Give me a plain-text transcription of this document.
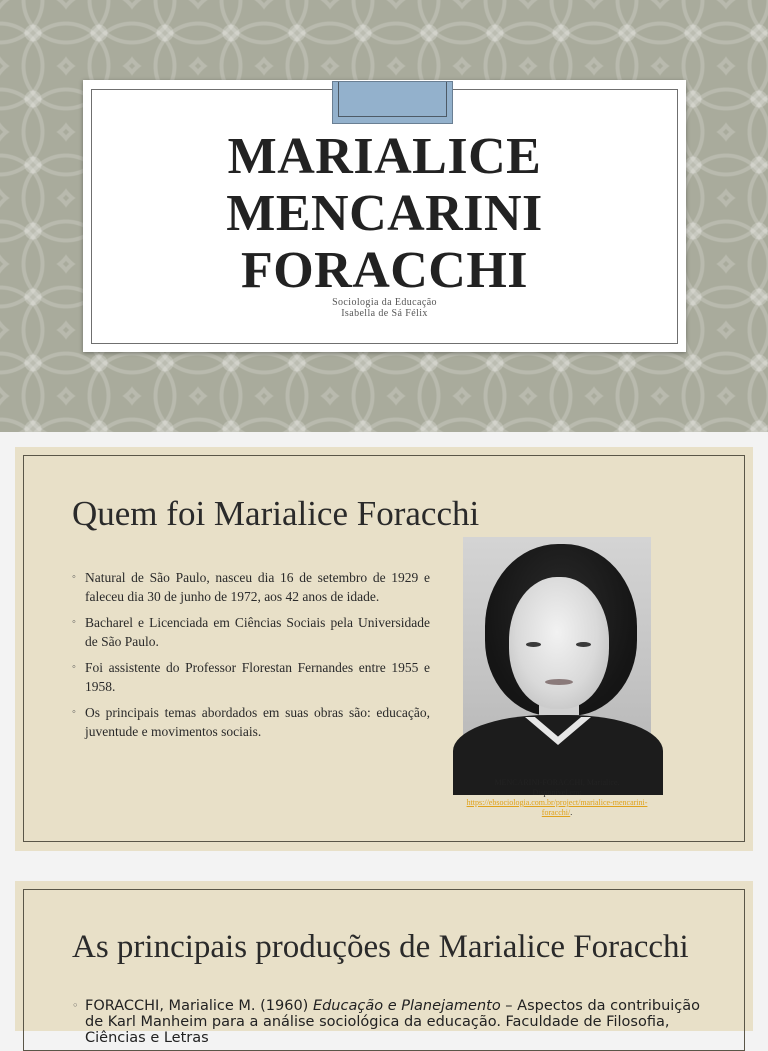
MARIALICE
MENCARINI
FORACCHI
Sociologia da Educação
Isabella de Sá Félix
Quem foi Marialice Foracchi
◦ Natural de São Paulo, nasceu dia 16 de setembro de 1929 e faleceu dia 30 de junho de 1972, aos 42 anos de idade.
◦ Bacharel e Licenciada em Ciências Sociais pela Universidade de São Paulo.
◦ Foi assistente do Professor Florestan Fernandes entre 1955 e 1958.
◦ Os principais temas abordados em suas obras são: educação, juventude e movimentos sociais.
MENCARINI-FORACCHI, Marialice.
Disponível em:
https://ebsociologia.com.br/project/marialice-mencarini-foracchi/.
As principais produções de Marialice Foracchi
◦ FORACCHI, Marialice M. (1960) Educação e Planejamento – Aspectos da contribuição de Karl Manheim para a análise sociológica da educação. Faculdade de Filosofia, Ciências e Letras
